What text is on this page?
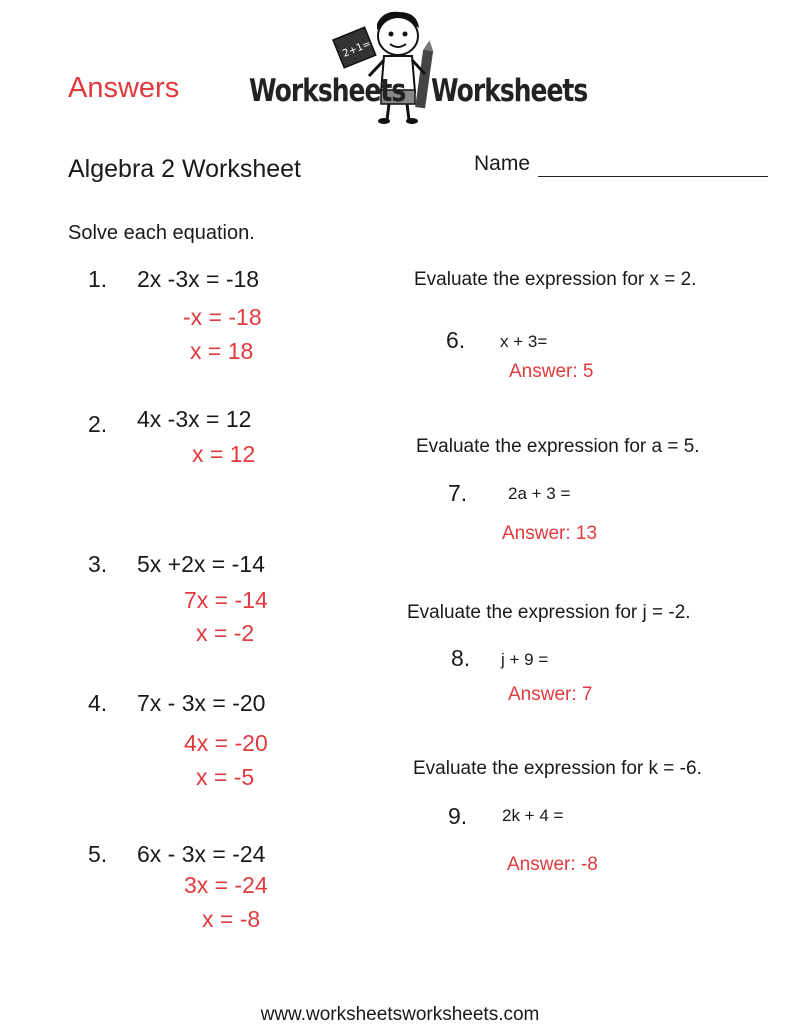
Answers
2+1=
Worksheets Worksheets
Algebra 2 Worksheet	Name
Solve each equation.
1. 2x -3x = -18
-x = -18
x = 18
2. 4x -3x = 12
x = 12
3. 5x +2x = -14
7x = -14
x = -2
4. 7x - 3x = -20
4x = -20
x = -5
5. 6x - 3x = -24
3x = -24
x = -8
Evaluate the expression for x = 2.
6. x + 3=
Answer: 5
Evaluate the expression for a = 5.
7. 2a + 3 =
Answer: 13
Evaluate the expression for j = -2.
8. j + 9 =
Answer: 7
Evaluate the expression for k = -6.
9. 2k + 4 =
Answer: -8
www.worksheetsworksheets.com
